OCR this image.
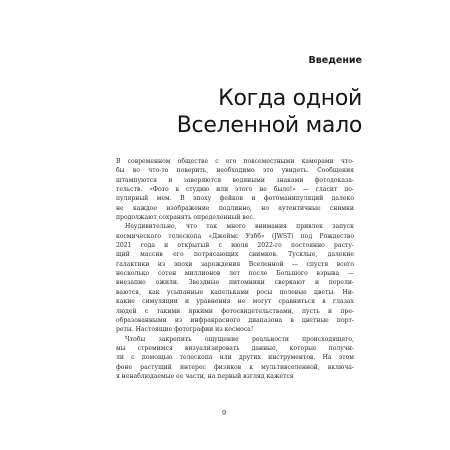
Введение

Когда одной
Вселенной мало
В современном обществе с его повсеместными камерами что-
бы во что-то поверить, необходимо это увидеть. Сообщения
штампуются и заверяются водяными знаками фотодоказа-
тельств. «Фото в студию или этого не было!» — гласит по-
пулярный мем. В эпоху фейков и фотоманипуляций далеко
не каждое изображение подлинно, но аутентичные снимки
продолжают сохранять определенный вес.
Неудивительно, что так много внимания привлек запуск
космического телескопа «Джеймс Уэбб» (JWST) под Рождество
2021 года и открытый с июля 2022-го постоянно расту-
щий массив его потрясающих снимков. Тусклые, далекие
галактики из эпохи зарождения Вселенной — спустя всего
несколько сотен миллионов лет после Большого взрыва —
внезапно ожили. Звездные питомники сверкают и перели-
ваются, как усыпанные капельками росы полевые цветы. Ни-
какие симуляции и уравнения не могут сравниться в глазах
людей с такими яркими фотосвидетельствами, пусть и пре-
образованными из инфракрасного диапазона в цветные порт-
реты. Настоящие фотографии из космоса!
Чтобы закрепить ощущение реальности происходящего,
мы стремимся визуализировать данные, которые получи-
ли с помощью телескопа или других инструментов. На этом
фоне растущий интерес физиков к мультивселенной, включа-
я ненаблюдаемые ее части, на первый взгляд кажется
9
